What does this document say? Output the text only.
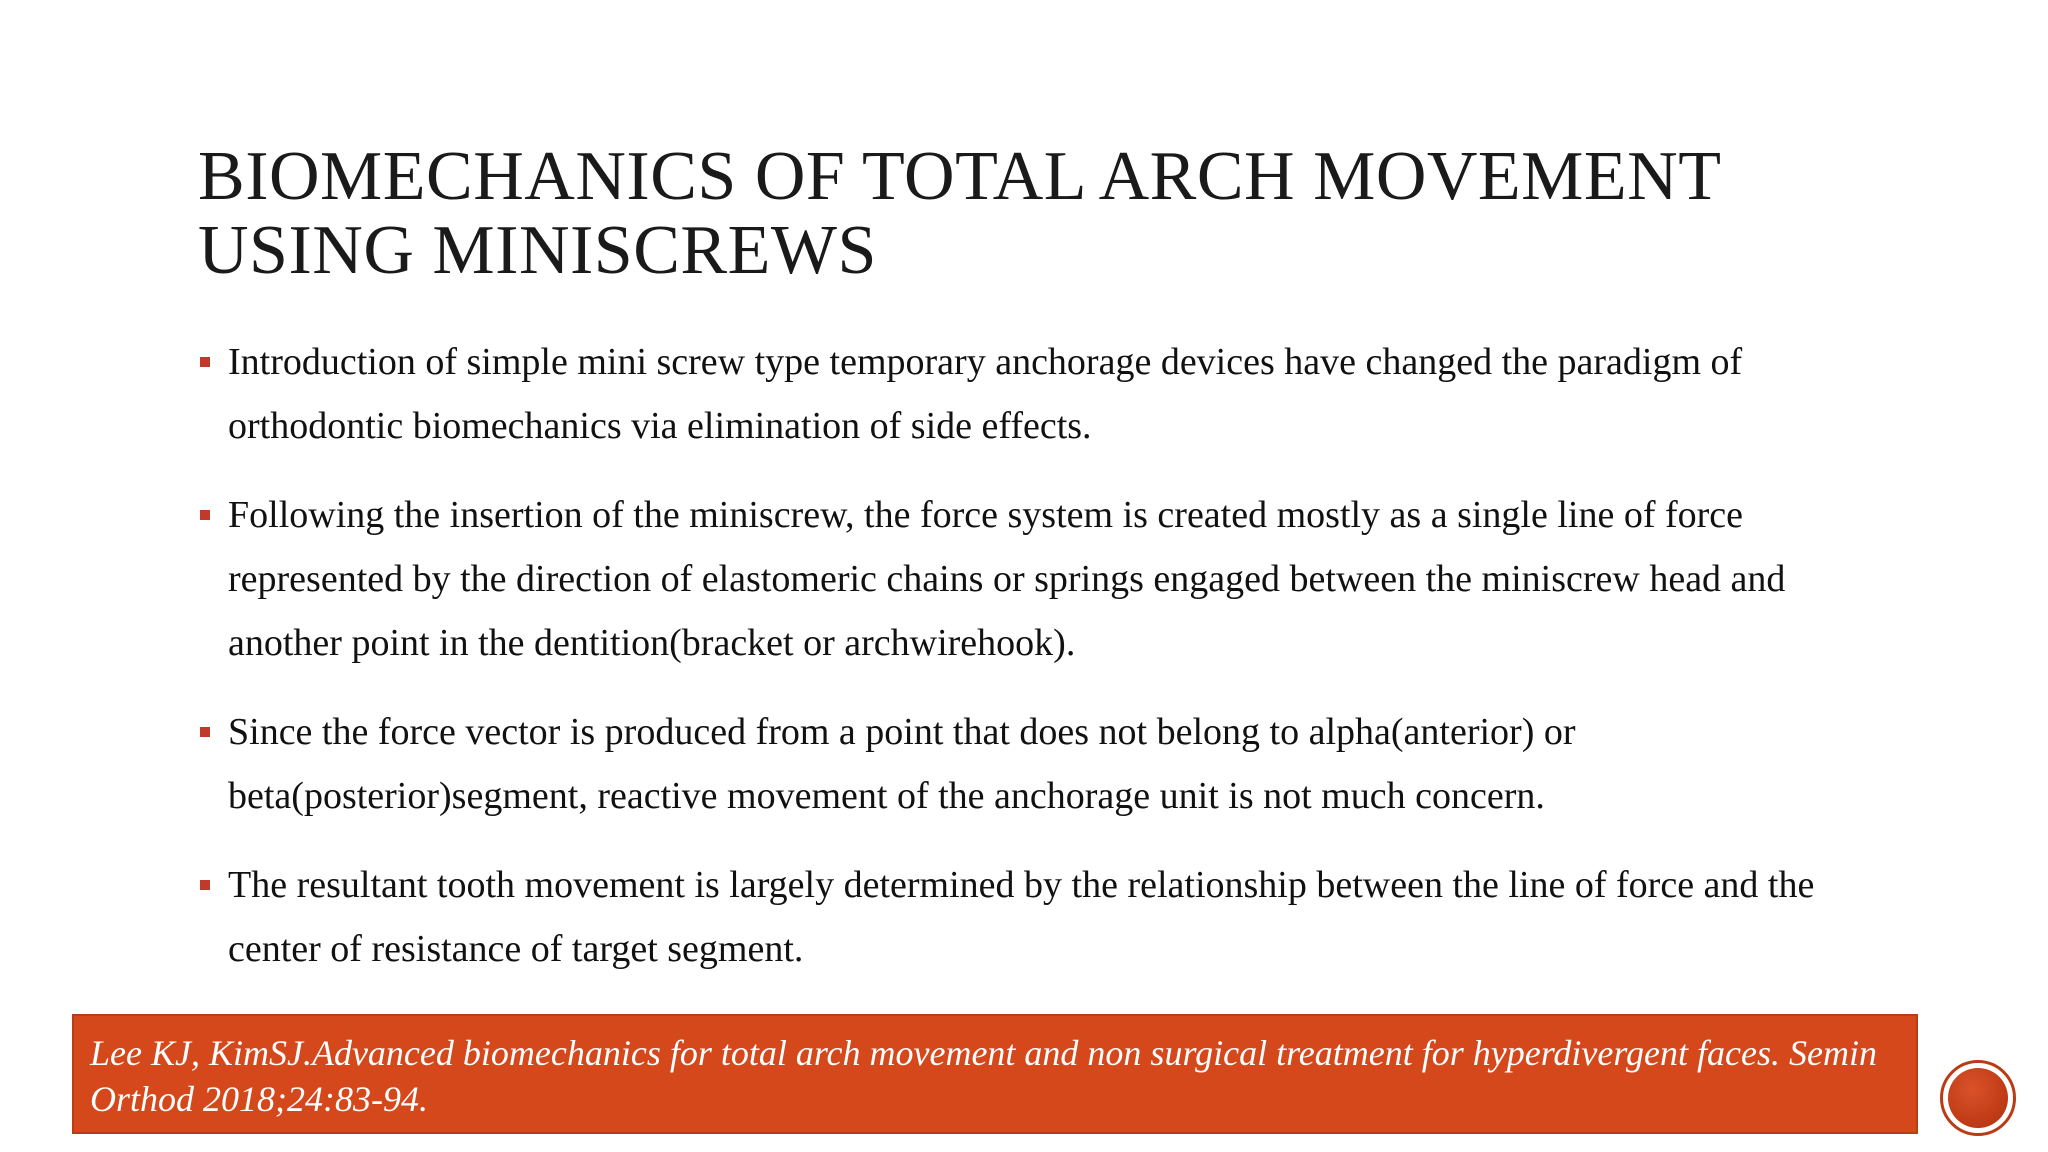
BIOMECHANICS OF TOTAL ARCH MOVEMENT
USING MINISCREWS
Introduction of simple mini screw type temporary anchorage devices have changed the paradigm of orthodontic biomechanics via elimination of side effects.
Following the insertion of the miniscrew, the force system is created mostly as a single line of force represented by the direction of elastomeric chains or springs engaged between the miniscrew head and another point in the dentition(bracket or archwirehook).
Since the force vector is produced from a point that does not belong to alpha(anterior) or beta(posterior)segment, reactive movement of the anchorage unit is not much concern.
The resultant tooth movement is largely determined by the relationship between the line of force and the center of resistance of target segment.
Lee KJ, KimSJ.Advanced biomechanics for total arch movement and non surgical treatment for hyperdivergent faces. Semin Orthod 2018;24:83-94.
